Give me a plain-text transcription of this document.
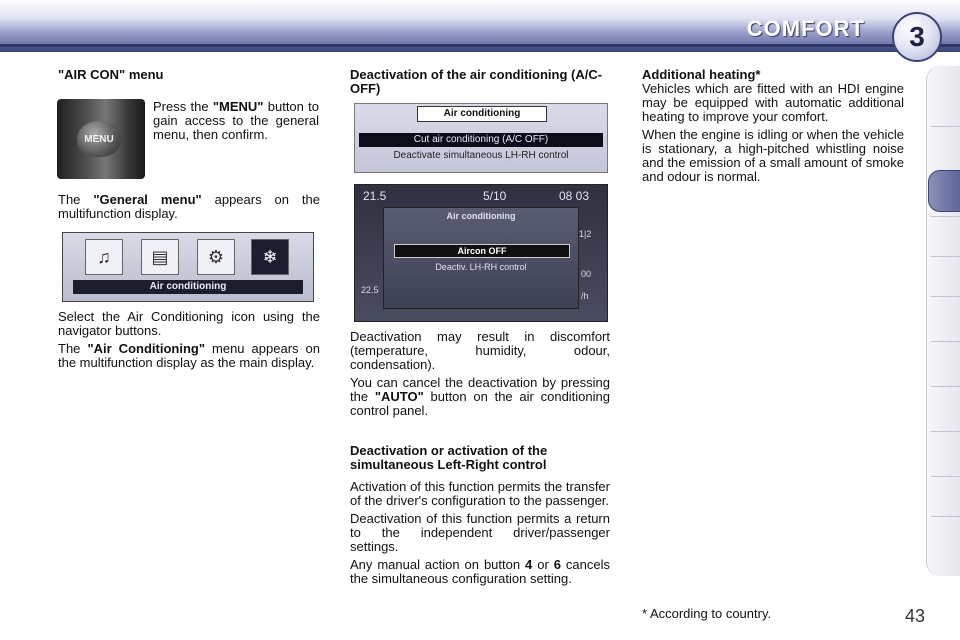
COMFORT	3
"AIR CON" menu
MENU

Press the "MENU" button to gain access to the general menu, then confirm.

The "General menu" appears on the multifunction display.

♫	▤	⚙	❄
Air conditioning

Select the Air Conditioning icon using the navigator buttons.

The "Air Conditioning" menu appears on the multifunction display as the main display.

Deactivation of the air conditioning (A/C-OFF)
Air conditioning
Cut air conditioning (A/C OFF)
Deactivate simultaneous LH-RH control
21.5	5/10	08 03
Air conditioning
Aircon OFF
Deactiv. LH-RH control
1|2
00
/h
22.5

Deactivation may result in discomfort (temperature, humidity, odour, condensation).

You can cancel the deactivation by pressing the "AUTO" button on the air conditioning control panel.

Deactivation or activation of the simultaneous Left-Right control

Activation of this function permits the transfer of the driver's configuration to the passenger.

Deactivation of this function permits a return to the independent driver/passenger settings.

Any manual action on button 4 or 6 cancels the simultaneous configuration setting.

Additional heating*

Vehicles which are fitted with an HDI engine may be equipped with automatic additional heating to improve your comfort.

When the engine is idling or when the vehicle is stationary, a high-pitched whistling noise and the emission of a small amount of smoke and odour is normal.

* According to country.	43
